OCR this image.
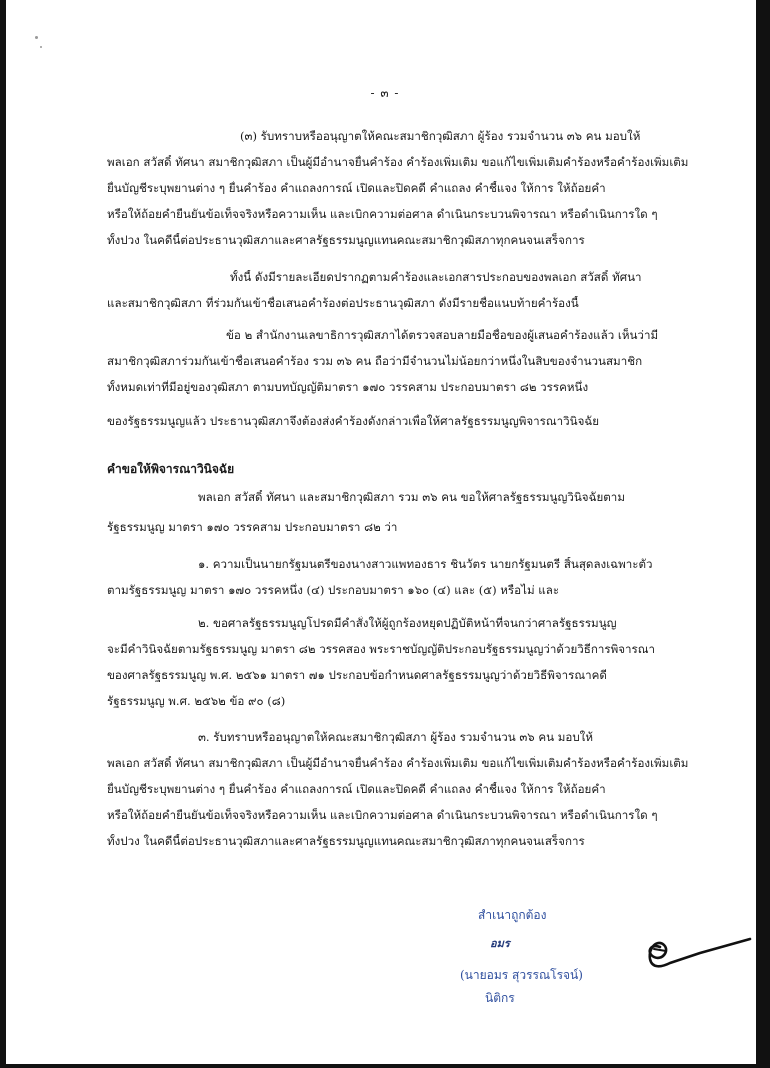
- ๓ -
(๓) รับทราบหรืออนุญาตให้คณะสมาชิกวุฒิสภา ผู้ร้อง รวมจำนวน ๓๖ คน มอบให้
พลเอก สวัสดิ์ ทัศนา สมาชิกวุฒิสภา เป็นผู้มีอำนาจยื่นคำร้อง คำร้องเพิ่มเติม ขอแก้ไขเพิ่มเติมคำร้องหรือคำร้องเพิ่มเติม
ยื่นบัญชีระบุพยานต่าง ๆ ยื่นคำร้อง คำแถลงการณ์ เปิดและปิดคดี คำแถลง คำชี้แจง ให้การ ให้ถ้อยคำ
หรือให้ถ้อยคำยืนยันข้อเท็จจริงหรือความเห็น และเบิกความต่อศาล ดำเนินกระบวนพิจารณา หรือดำเนินการใด ๆ
ทั้งปวง ในคดีนี้ต่อประธานวุฒิสภาและศาลรัฐธรรมนูญแทนคณะสมาชิกวุฒิสภาทุกคนจนเสร็จการ
ทั้งนี้ ดังมีรายละเอียดปรากฏตามคำร้องและเอกสารประกอบของพลเอก สวัสดิ์ ทัศนา
และสมาชิกวุฒิสภา ที่ร่วมกันเข้าชื่อเสนอคำร้องต่อประธานวุฒิสภา ดังมีรายชื่อแนบท้ายคำร้องนี้
ข้อ ๒ สำนักงานเลขาธิการวุฒิสภาได้ตรวจสอบลายมือชื่อของผู้เสนอคำร้องแล้ว เห็นว่ามี
สมาชิกวุฒิสภาร่วมกันเข้าชื่อเสนอคำร้อง รวม ๓๖ คน ถือว่ามีจำนวนไม่น้อยกว่าหนึ่งในสิบของจำนวนสมาชิก
ทั้งหมดเท่าที่มีอยู่ของวุฒิสภา ตามบทบัญญัติมาตรา ๑๗๐ วรรคสาม ประกอบมาตรา ๘๒ วรรคหนึ่ง
ของรัฐธรรมนูญแล้ว ประธานวุฒิสภาจึงต้องส่งคำร้องดังกล่าวเพื่อให้ศาลรัฐธรรมนูญพิจารณาวินิจฉัย
คำขอให้พิจารณาวินิจฉัย
พลเอก สวัสดิ์ ทัศนา และสมาชิกวุฒิสภา รวม ๓๖ คน ขอให้ศาลรัฐธรรมนูญวินิจฉัยตาม
รัฐธรรมนูญ มาตรา ๑๗๐ วรรคสาม ประกอบมาตรา ๘๒ ว่า
๑. ความเป็นนายกรัฐมนตรีของนางสาวแพทองธาร ชินวัตร นายกรัฐมนตรี สิ้นสุดลงเฉพาะตัว
ตามรัฐธรรมนูญ มาตรา ๑๗๐ วรรคหนึ่ง (๔) ประกอบมาตรา ๑๖๐ (๔) และ (๕) หรือไม่ และ
๒. ขอศาลรัฐธรรมนูญโปรดมีคำสั่งให้ผู้ถูกร้องหยุดปฏิบัติหน้าที่จนกว่าศาลรัฐธรรมนูญ
จะมีคำวินิจฉัยตามรัฐธรรมนูญ มาตรา ๘๒ วรรคสอง พระราชบัญญัติประกอบรัฐธรรมนูญว่าด้วยวิธีการพิจารณา
ของศาลรัฐธรรมนูญ พ.ศ. ๒๕๖๑ มาตรา ๗๑ ประกอบข้อกำหนดศาลรัฐธรรมนูญว่าด้วยวิธีพิจารณาคดี
รัฐธรรมนูญ พ.ศ. ๒๕๖๒ ข้อ ๙๐ (๘)
๓. รับทราบหรืออนุญาตให้คณะสมาชิกวุฒิสภา ผู้ร้อง รวมจำนวน ๓๖ คน มอบให้
พลเอก สวัสดิ์ ทัศนา สมาชิกวุฒิสภา เป็นผู้มีอำนาจยื่นคำร้อง คำร้องเพิ่มเติม ขอแก้ไขเพิ่มเติมคำร้องหรือคำร้องเพิ่มเติม
ยื่นบัญชีระบุพยานต่าง ๆ ยื่นคำร้อง คำแถลงการณ์ เปิดและปิดคดี คำแถลง คำชี้แจง ให้การ ให้ถ้อยคำ
หรือให้ถ้อยคำยืนยันข้อเท็จจริงหรือความเห็น และเบิกความต่อศาล ดำเนินกระบวนพิจารณา หรือดำเนินการใด ๆ
ทั้งปวง ในคดีนี้ต่อประธานวุฒิสภาและศาลรัฐธรรมนูญแทนคณะสมาชิกวุฒิสภาทุกคนจนเสร็จการ
สำเนาถูกต้อง
อมร
(นายอมร สุวรรณโรจน์)
นิติกร
